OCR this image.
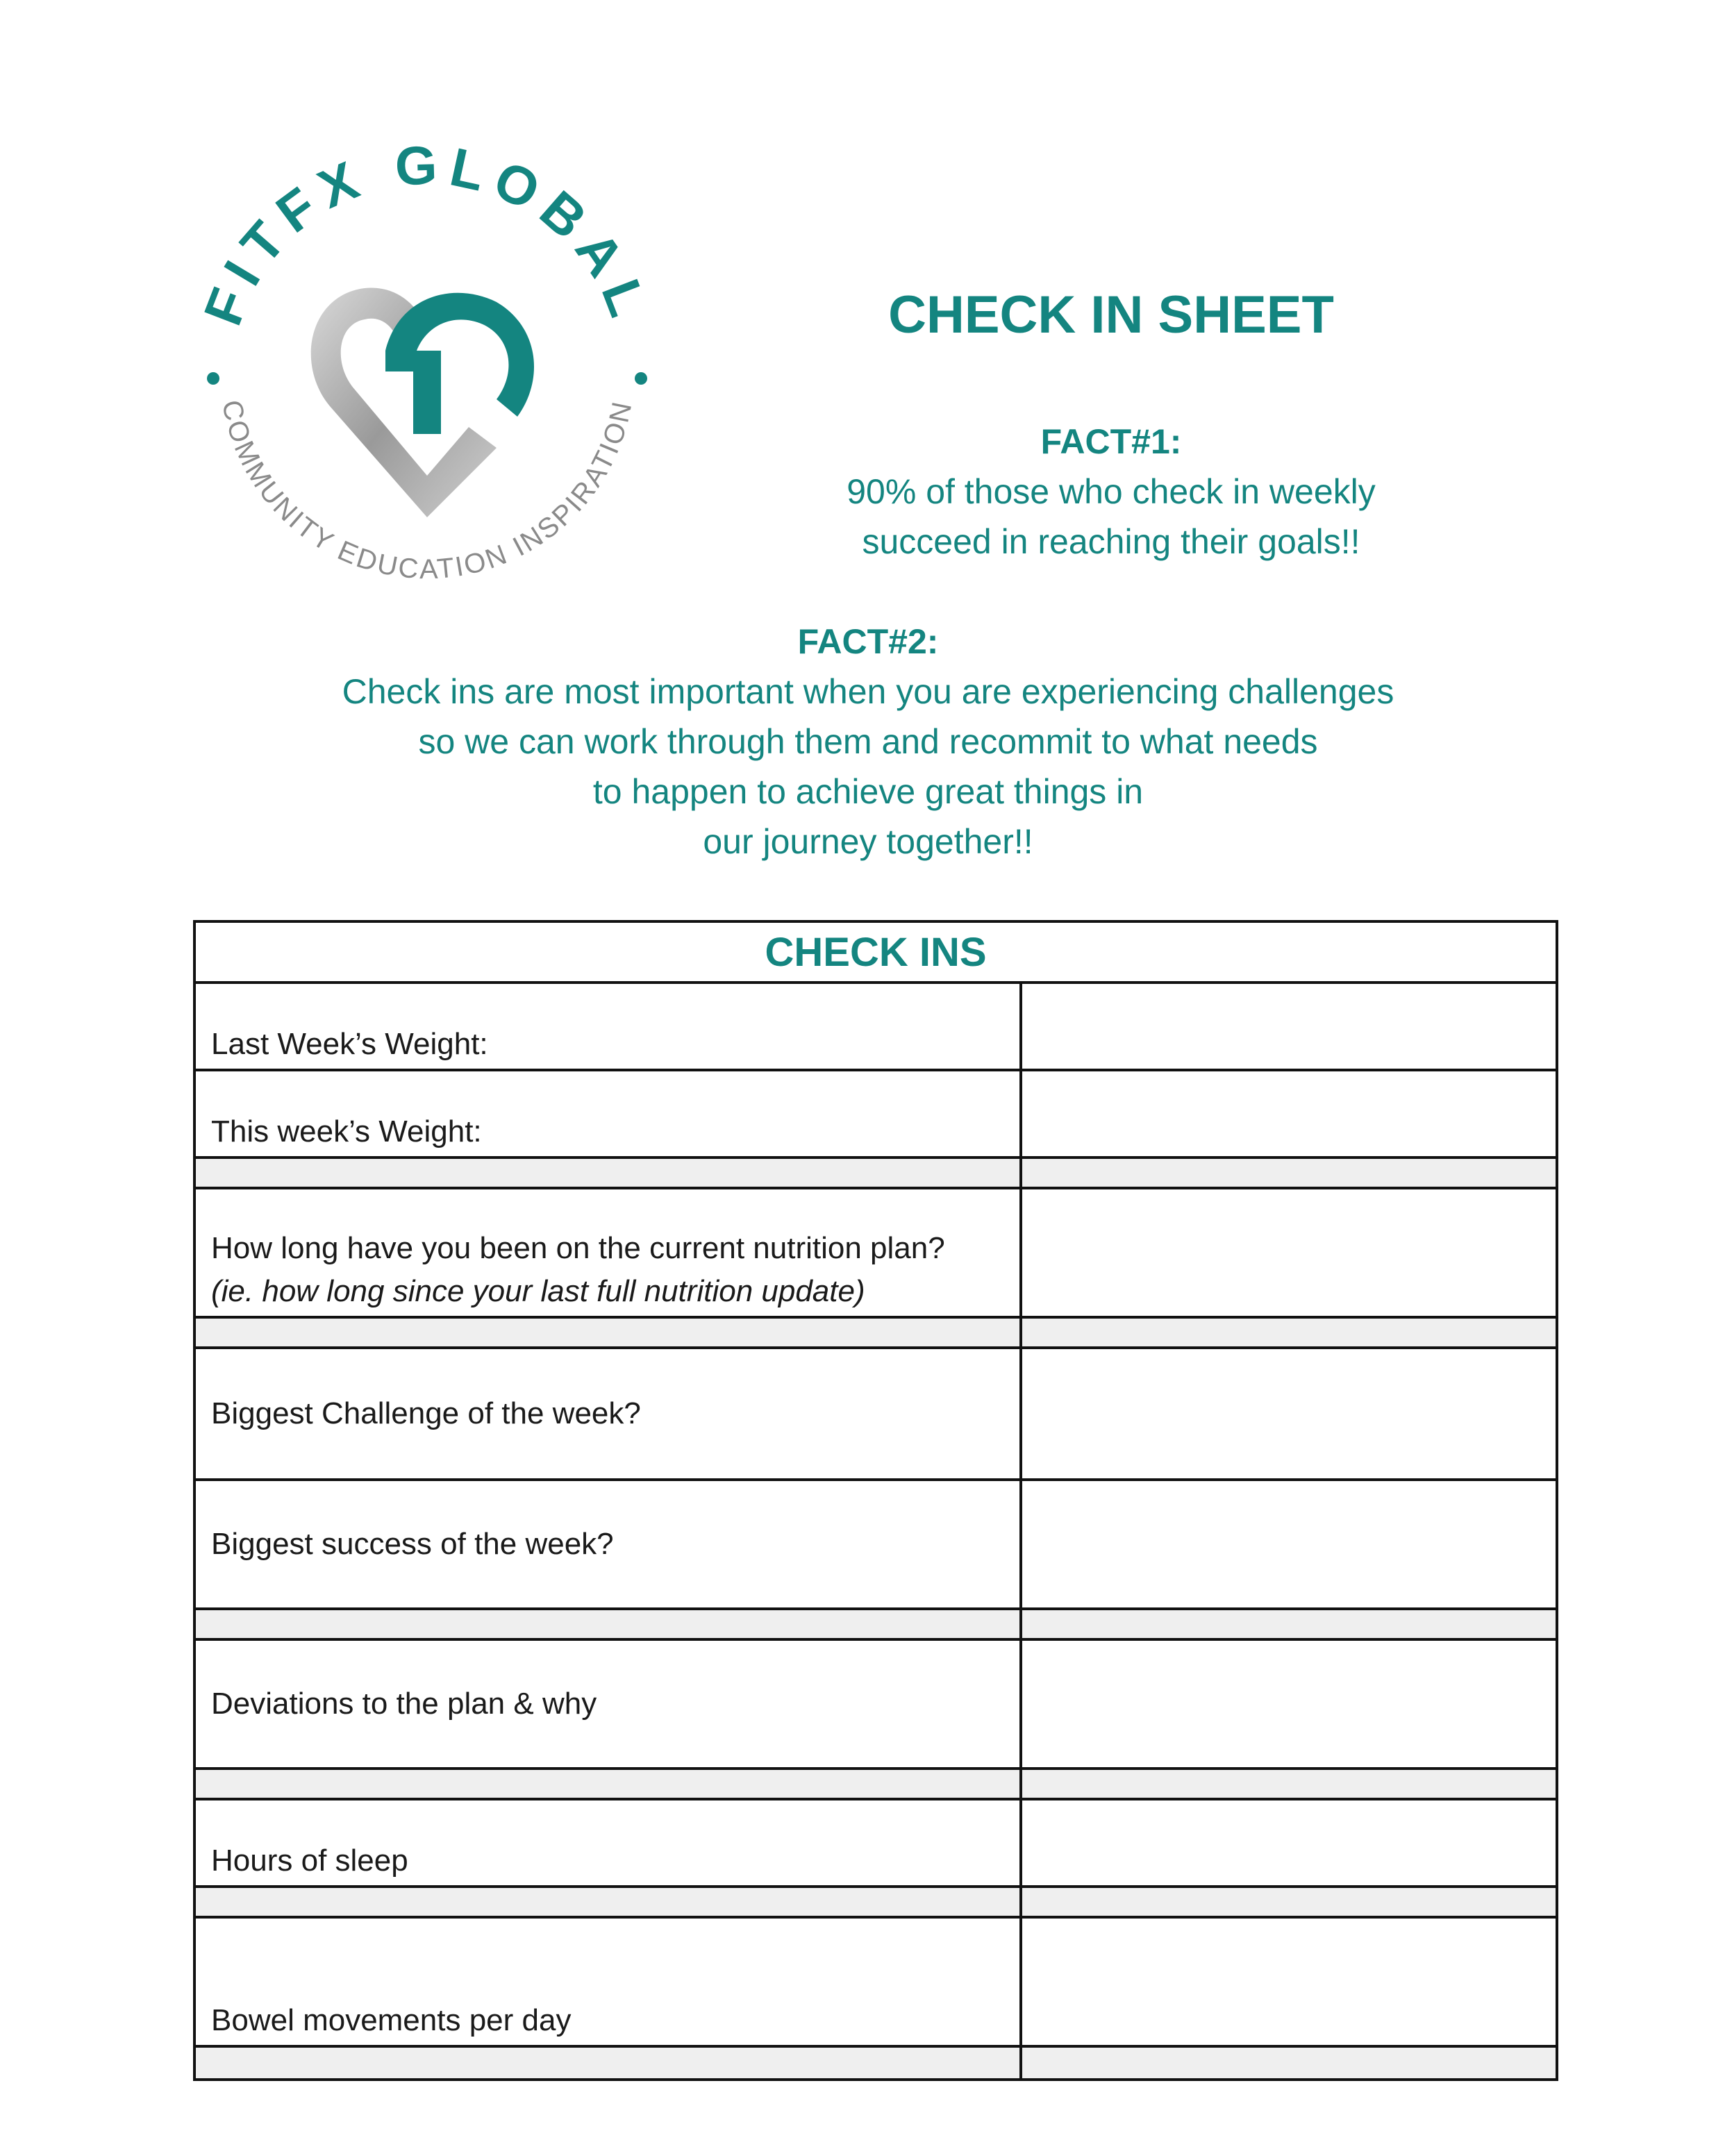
FITFX GLOBAL
COMMUNITY EDUCATION INSPIRATION
CHECK IN SHEET
FACT#1:
90% of those who check in weekly
succeed in reaching their goals!!
FACT#2:
Check ins are most important when you are experiencing challenges
so we can work through them and recommit to what needs
to happen to achieve great things in
our journey together!!
CHECK INS
Last Week’s Weight:
This week’s Weight:
How long have you been on the current nutrition plan?
(ie. how long since your last full nutrition update)
Biggest Challenge of the week?
Biggest success of the week?
Deviations to the plan & why
Hours of sleep
Bowel movements per day
